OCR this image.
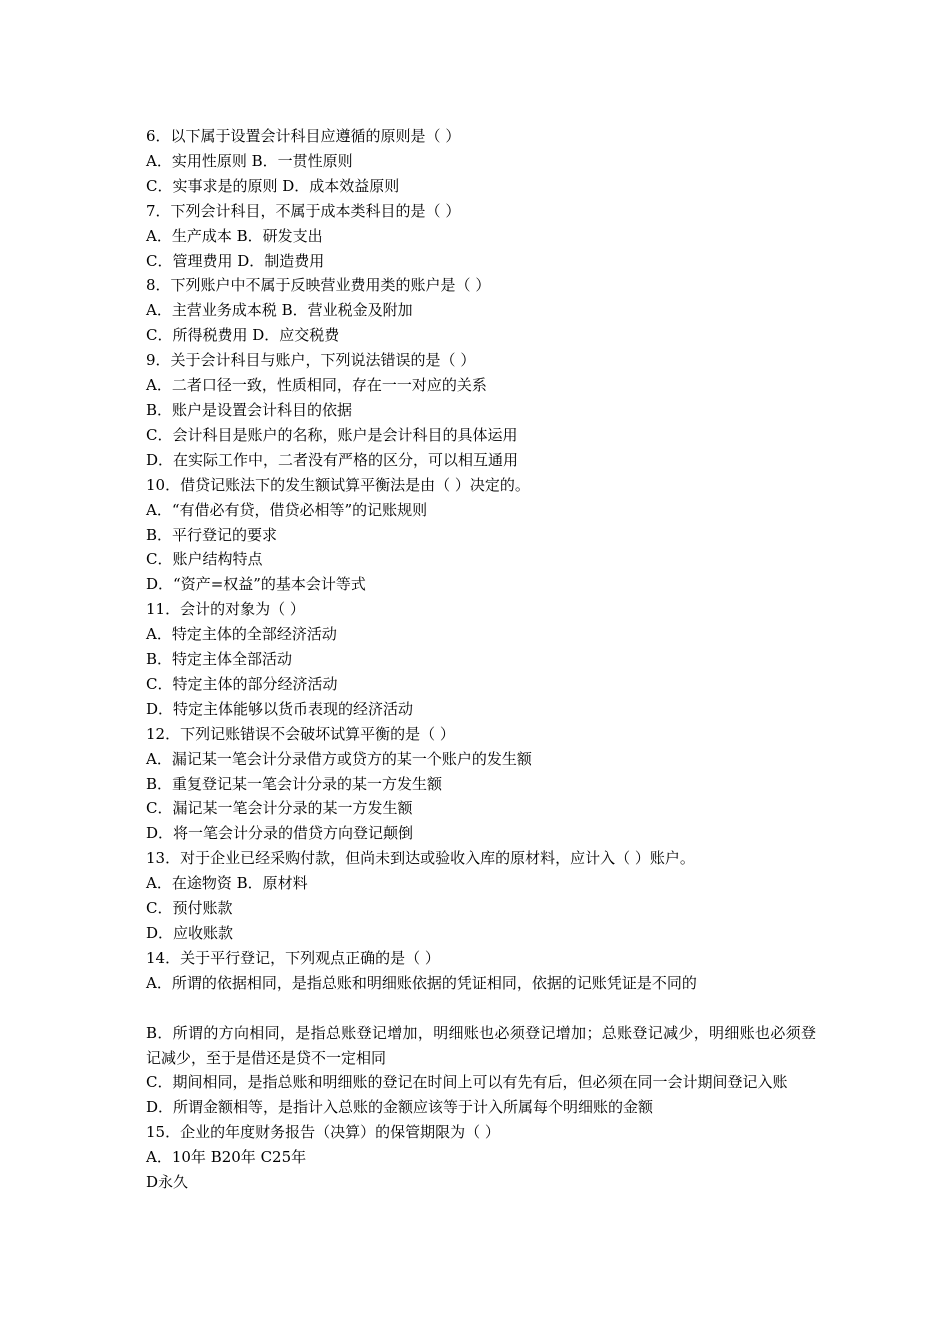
6．以下属于设置会计科目应遵循的原则是（ ）

A．实用性原则 B．一贯性原则

C．实事求是的原则 D．成本效益原则

7．下列会计科目，不属于成本类科目的是（ ）

A．生产成本 B．研发支出

C．管理费用 D．制造费用

8．下列账户中不属于反映营业费用类的账户是（ ）

A．主营业务成本税 B．营业税金及附加

C．所得税费用 D．应交税费

9．关于会计科目与账户，下列说法错误的是（ ）

A．二者口径一致，性质相同，存在一一对应的关系

B．账户是设置会计科目的依据

C．会计科目是账户的名称，账户是会计科目的具体运用

D．在实际工作中，二者没有严格的区分，可以相互通用

10．借贷记账法下的发生额试算平衡法是由（ ）决定的。

A．“有借必有贷，借贷必相等”的记账规则

B．平行登记的要求

C．账户结构特点

D．“资产=权益”的基本会计等式

11．会计的对象为（ ）

A．特定主体的全部经济活动

B．特定主体全部活动

C．特定主体的部分经济活动

D．特定主体能够以货币表现的经济活动

12．下列记账错误不会破坏试算平衡的是（ ）

A．漏记某一笔会计分录借方或贷方的某一个账户的发生额

B．重复登记某一笔会计分录的某一方发生额

C．漏记某一笔会计分录的某一方发生额

D．将一笔会计分录的借贷方向登记颠倒

13．对于企业已经采购付款，但尚未到达或验收入库的原材料，应计入（ ）账户。

A．在途物资 B．原材料

C．预付账款

D．应收账款

14．关于平行登记，下列观点正确的是（ ）

A．所谓的依据相同，是指总账和明细账依据的凭证相同，依据的记账凭证是不同的

B．所谓的方向相同，是指总账登记增加，明细账也必须登记增加；总账登记减少，明细账也必须登记减少，至于是借还是贷不一定相同

C．期间相同，是指总账和明细账的登记在时间上可以有先有后，但必须在同一会计期间登记入账

D．所谓金额相等，是指计入总账的金额应该等于计入所属每个明细账的金额

15．企业的年度财务报告（决算）的保管期限为（ ）

A．10年 B20年 C25年

D永久
